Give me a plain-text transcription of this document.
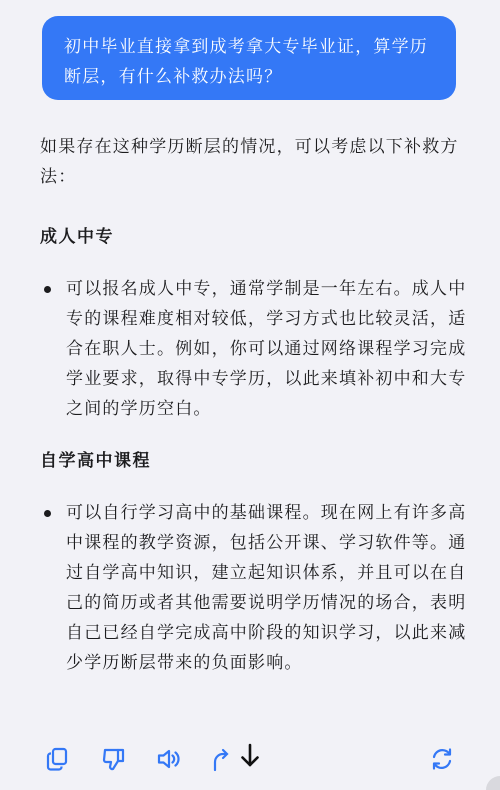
初中毕业直接拿到成考拿大专毕业证，算学历断层，有什么补救办法吗？

如果存在这种学历断层的情况，可以考虑以下补救方法：

成人中专
可以报名成人中专，通常学制是一年左右。成人中专的课程难度相对较低，学习方式也比较灵活，适合在职人士。例如，你可以通过网络课程学习完成学业要求，取得中专学历，以此来填补初中和大专之间的学历空白。
自学高中课程
可以自行学习高中的基础课程。现在网上有许多高中课程的教学资源，包括公开课、学习软件等。通过自学高中知识，建立起知识体系，并且可以在自己的简历或者其他需要说明学历情况的场合，表明自己已经自学完成高中阶段的知识学习，以此来减少学历断层带来的负面影响。
